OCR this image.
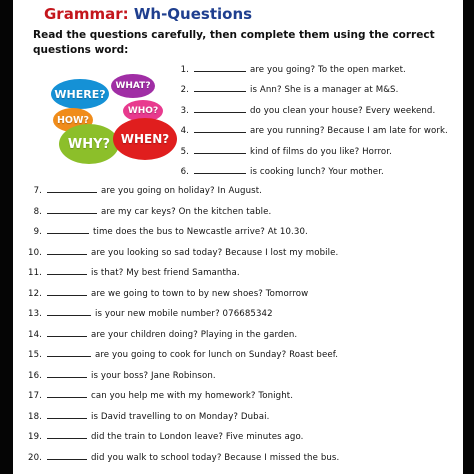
Grammar: Wh-Questions
Read the questions carefully, then complete them using the correct
questions word:
WHERE?
WHAT?
HOW?
WHO?
WHY? WHEN?
1.	are you going? To the open market.
2.	is Ann? She is a manager at M&S.
3.	do you clean your house? Every weekend.
4.	are you running? Because I am late for work.
5.	kind of films do you like? Horror.
6.	is cooking lunch? Your mother.
7.	are you going on holiday? In August.
8.	are my car keys? On the kitchen table.
9.	time does the bus to Newcastle arrive? At 10.30.
10.	are you looking so sad today? Because I lost my mobile.
11.	is that? My best friend Samantha.
12.	are we going to town to by new shoes? Tomorrow
13.	is your new mobile number? 076685342
14.	are your children doing? Playing in the garden.
15.	are you going to cook for lunch on Sunday? Roast beef.
16.	is your boss? Jane Robinson.
17.	can you help me with my homework? Tonight.
18.	is David travelling to on Monday? Dubai.
19.	did the train to London leave? Five minutes ago.
20.	did you walk to school today? Because I missed the bus.
